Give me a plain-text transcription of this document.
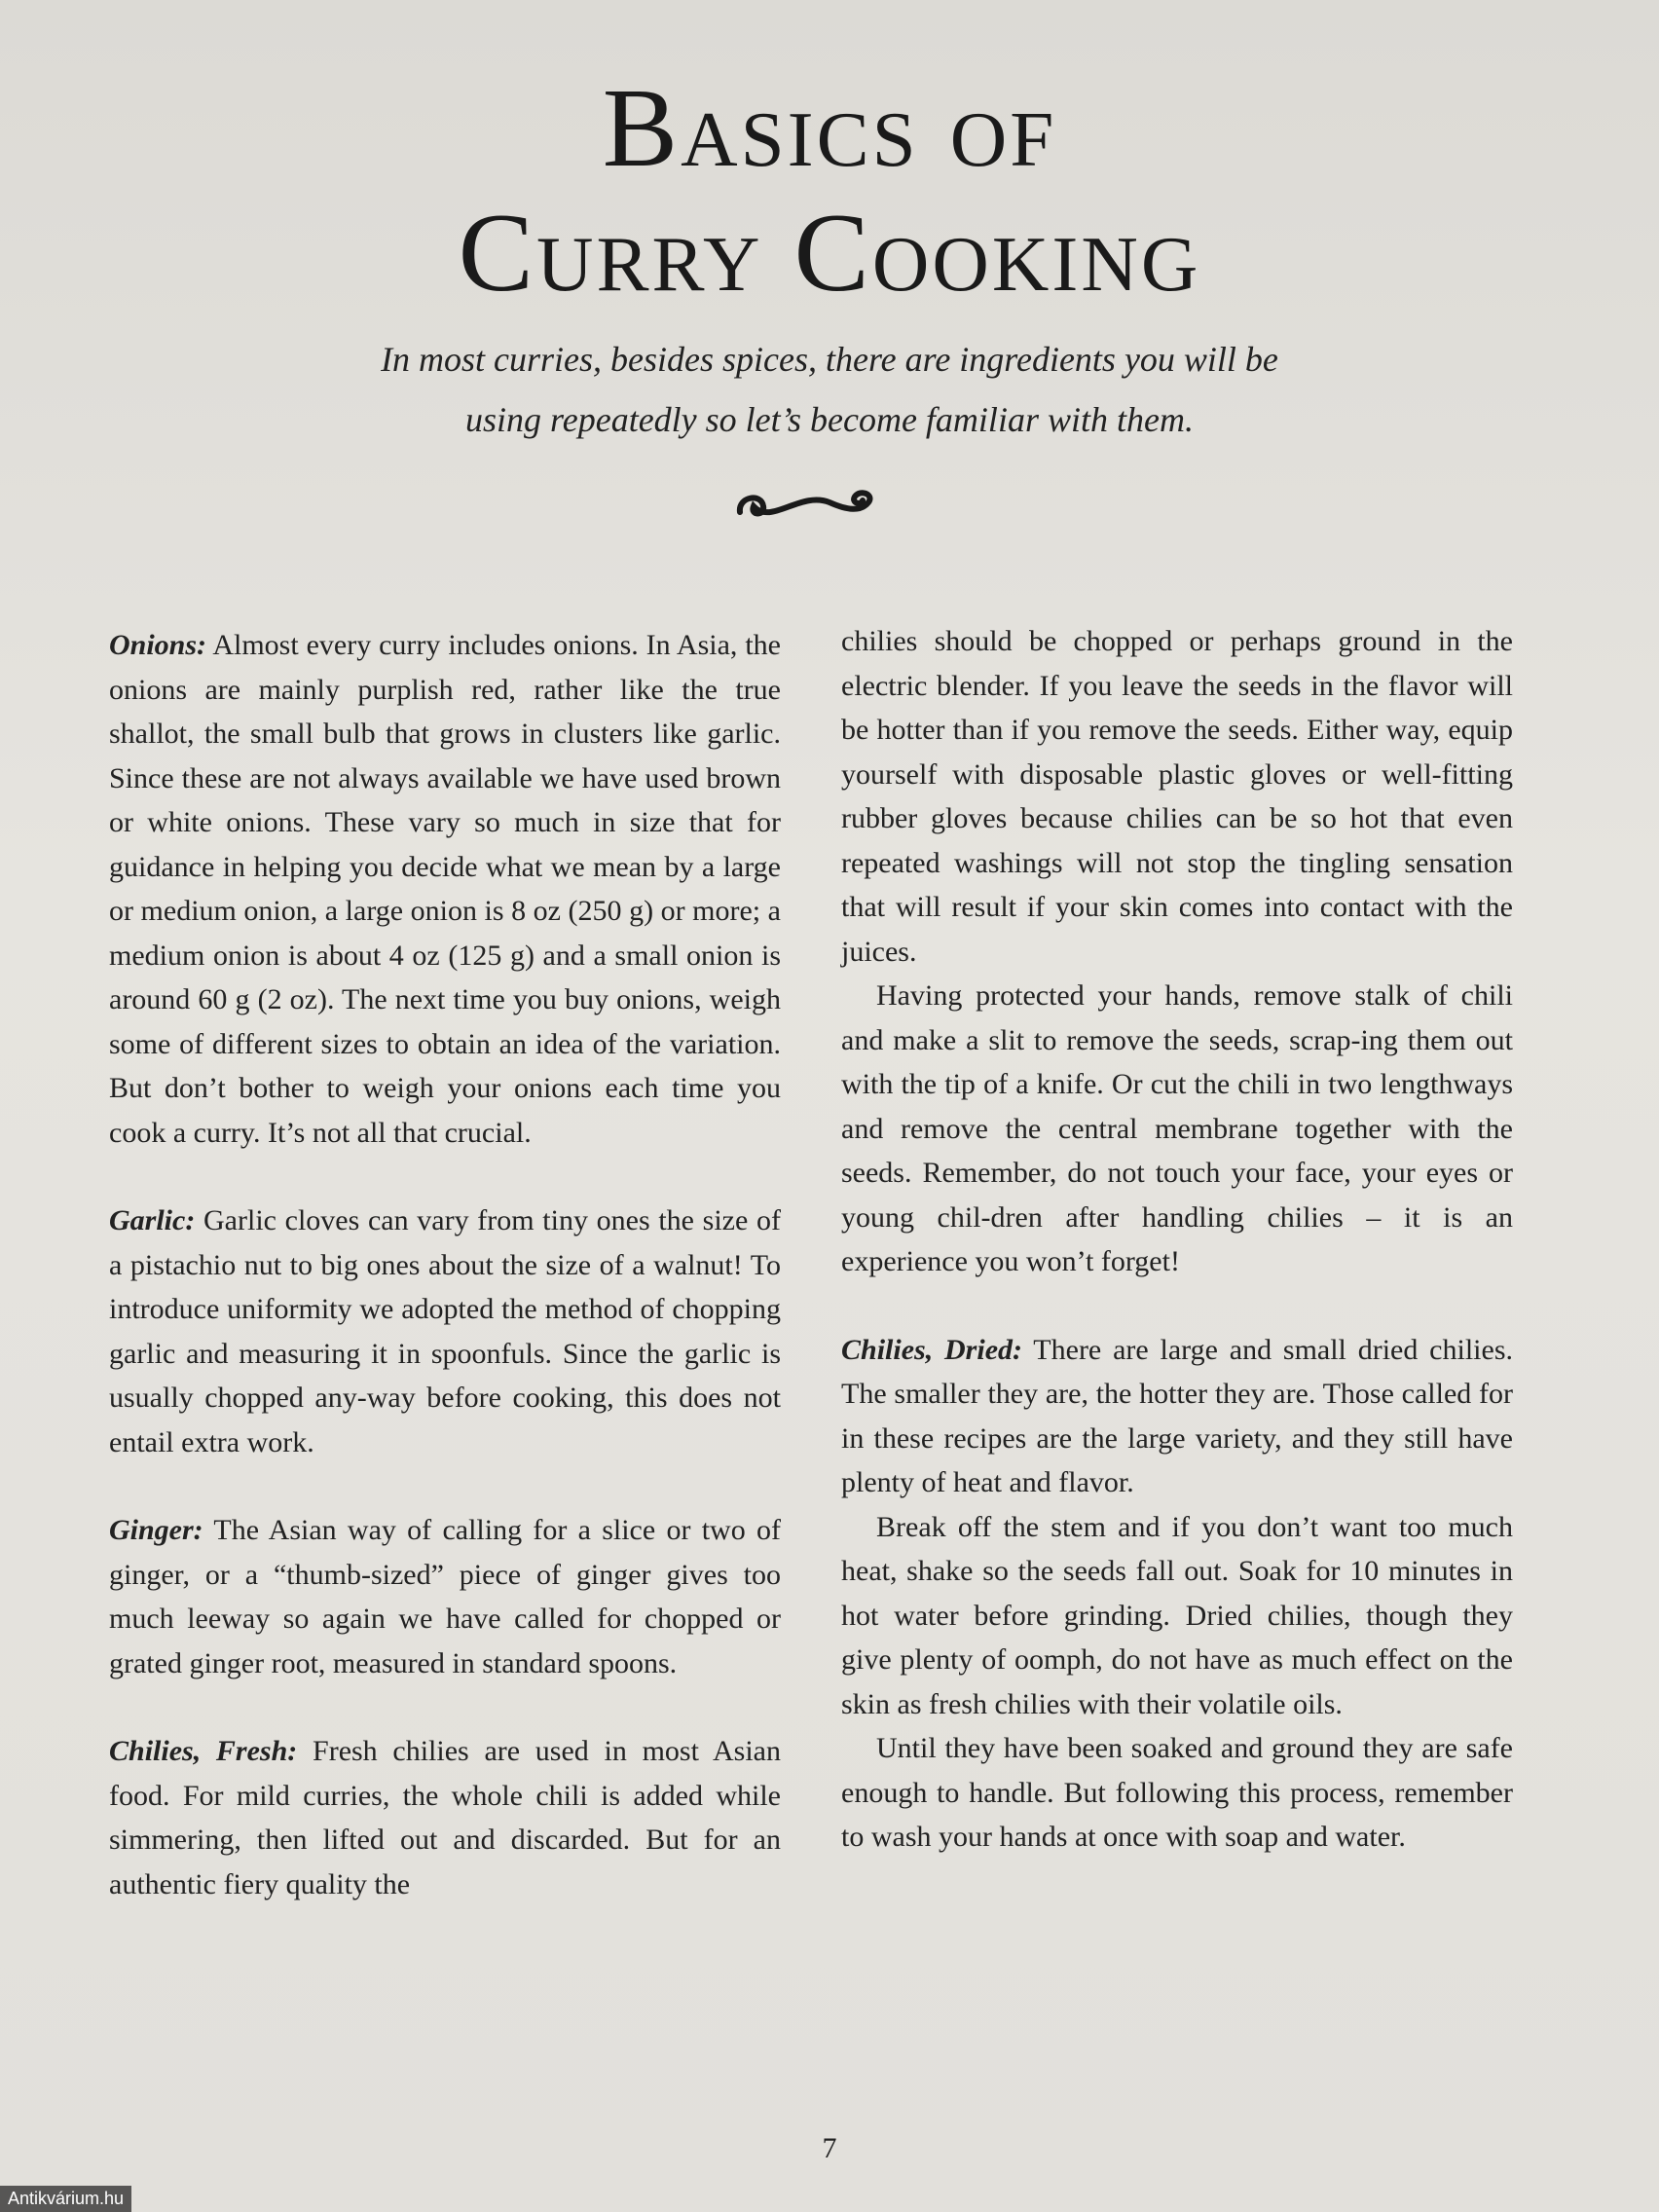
Basics of
Curry Cooking

In most curries, besides spices, there are ingredients you will be
using repeatedly so let’s become familiar with them.

Onions: Almost every curry includes onions. In Asia, the onions are mainly purplish red, rather like the true shallot, the small bulb that grows in clusters like garlic. Since these are not always available we have used brown or white onions. These vary so much in size that for guidance in helping you decide what we mean by a large or medium onion, a large onion is 8 oz (250 g) or more; a medium onion is about 4 oz (125 g) and a small onion is around 60 g (2 oz). The next time you buy onions, weigh some of different sizes to obtain an idea of the variation. But don’t bother to weigh your onions each time you cook a curry. It’s not all that crucial.

Garlic: Garlic cloves can vary from tiny ones the size of a pistachio nut to big ones about the size of a walnut! To introduce uniformity we adopted the method of chopping garlic and measuring it in spoonfuls. Since the garlic is usually chopped any-way before cooking, this does not entail extra work.

Ginger: The Asian way of calling for a slice or two of ginger, or a “thumb-sized” piece of ginger gives too much leeway so again we have called for chopped or grated ginger root, measured in standard spoons.

Chilies, Fresh: Fresh chilies are used in most Asian food. For mild curries, the whole chili is added while simmering, then lifted out and discarded. But for an authentic fiery quality the

chilies should be chopped or perhaps ground in the electric blender. If you leave the seeds in the flavor will be hotter than if you remove the seeds. Either way, equip yourself with disposable plastic gloves or well-fitting rubber gloves because chilies can be so hot that even repeated washings will not stop the tingling sensation that will result if your skin comes into contact with the juices.

Having protected your hands, remove stalk of chili and make a slit to remove the seeds, scrap-ing them out with the tip of a knife. Or cut the chili in two lengthways and remove the central membrane together with the seeds. Remember, do not touch your face, your eyes or young chil-dren after handling chilies – it is an experience you won’t forget!

Chilies, Dried: There are large and small dried chilies. The smaller they are, the hotter they are. Those called for in these recipes are the large variety, and they still have plenty of heat and flavor.

Break off the stem and if you don’t want too much heat, shake so the seeds fall out. Soak for 10 minutes in hot water before grinding. Dried chilies, though they give plenty of oomph, do not have as much effect on the skin as fresh chilies with their volatile oils.

Until they have been soaked and ground they are safe enough to handle. But following this process, remember to wash your hands at once with soap and water.

7
Antikvárium.hu
